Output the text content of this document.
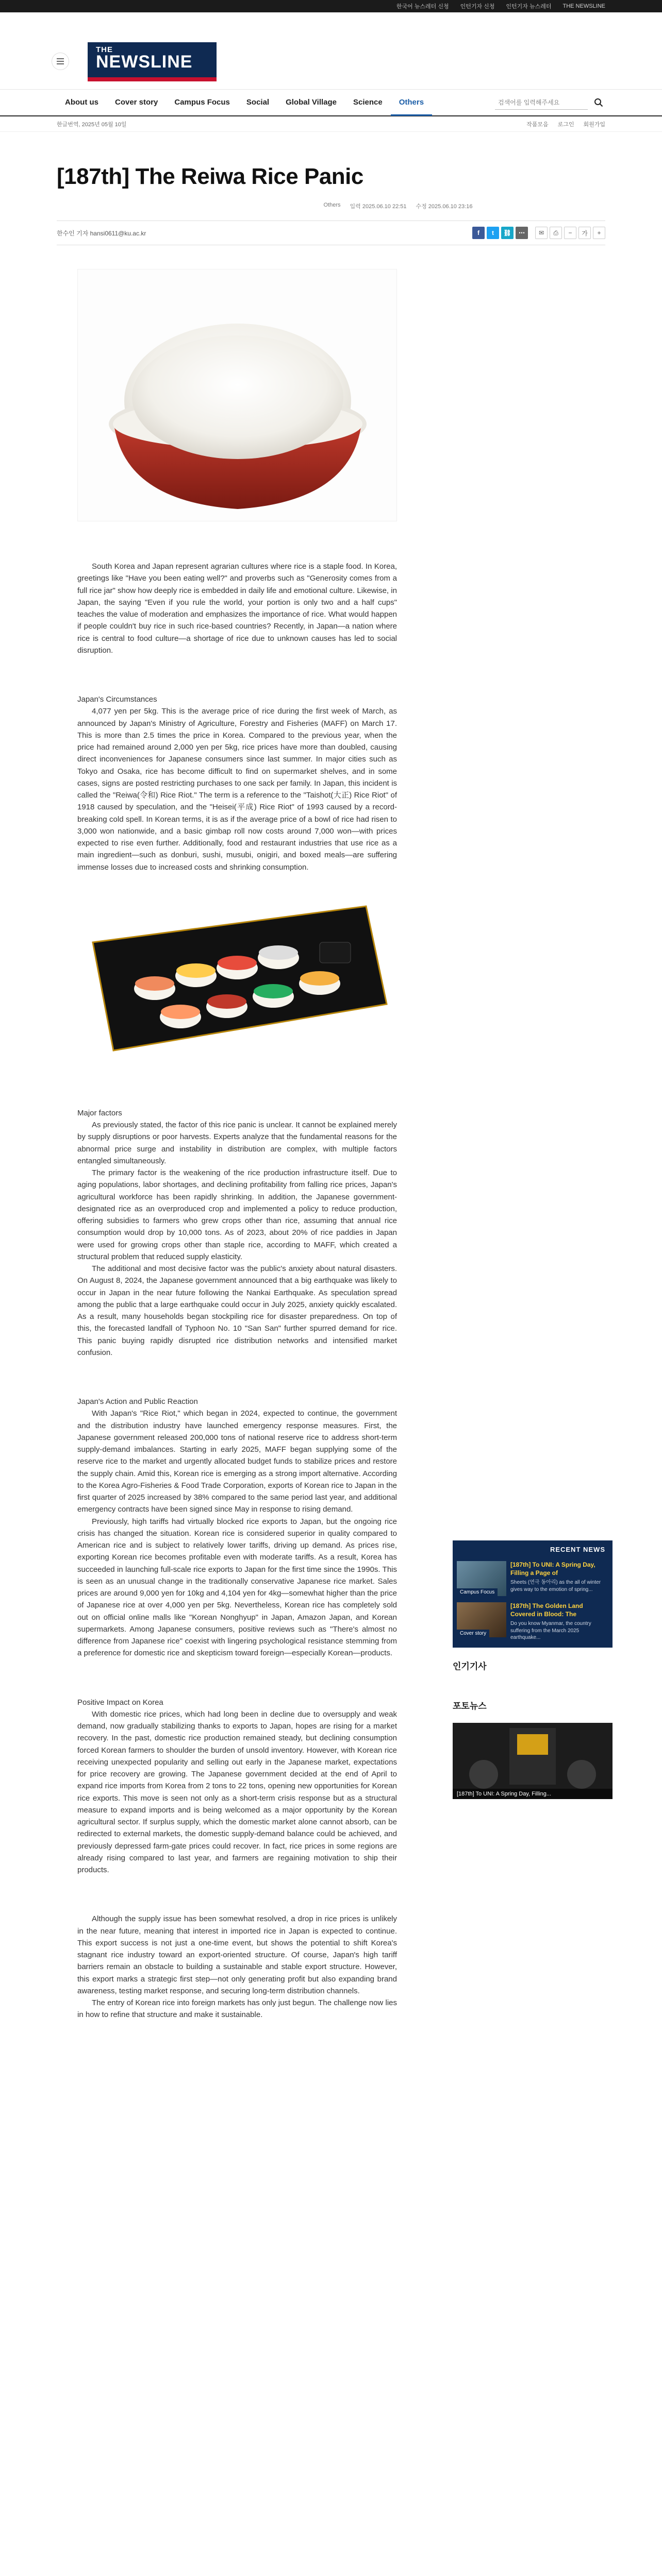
한국어 뉴스레터 신청 인턴기자 신청 인턴기자 뉴스레터 THE NEWSLINE
THE
NEWSLINE
About us	Cover story	Campus Focus	Social	Global Village	Science	Others
검색어를 입력해주세요
한글번역, 2025년 05월 10일	작품모음 로그인 회원가입
[187th] The Reiwa Rice Panic
Others 입력 2025.06.10 22:51 수정 2025.06.10 23:16
한수인 기자 hansi0611@ku.ac.kr	f	t	⛓	⋯	✉	⎙	−	가	+

South Korea and Japan represent agrarian cultures where rice is a staple food. In Korea, greetings like "Have you been eating well?" and proverbs such as "Generosity comes from a full rice jar" show how deeply rice is embedded in daily life and emotional culture. Likewise, in Japan, the saying "Even if you rule the world, your portion is only two and a half cups" teaches the value of moderation and emphasizes the importance of rice. What would happen if people couldn't buy rice in such rice-based countries? Recently, in Japan—a nation where rice is central to food culture—a shortage of rice due to unknown causes has led to social disruption.

Japan's Circumstances

4,077 yen per 5kg. This is the average price of rice during the first week of March, as announced by Japan's Ministry of Agriculture, Forestry and Fisheries (MAFF) on March 17. This is more than 2.5 times the price in Korea. Compared to the previous year, when the price had remained around 2,000 yen per 5kg, rice prices have more than doubled, causing direct inconveniences for Japanese consumers since last summer. In major cities such as Tokyo and Osaka, rice has become difficult to find on supermarket shelves, and in some cases, signs are posted restricting purchases to one sack per family. In Japan, this incident is called the "Reiwa(令和) Rice Riot." The term is a reference to the "Taishot(大正) Rice Riot" of 1918 caused by speculation, and the "Heisei(平成) Rice Riot" of 1993 caused by a record-breaking cold spell. In Korean terms, it is as if the average price of a bowl of rice had risen to 3,000 won nationwide, and a basic gimbap roll now costs around 7,000 won—with prices expected to rise even further. Additionally, food and restaurant industries that use rice as a main ingredient—such as donburi, sushi, musubi, onigiri, and boxed meals—are suffering immense losses due to increased costs and shrinking consumption.

Major factors

As previously stated, the factor of this rice panic is unclear. It cannot be explained merely by supply disruptions or poor harvests. Experts analyze that the fundamental reasons for the abnormal price surge and instability in distribution are complex, with multiple factors entangled simultaneously.

The primary factor is the weakening of the rice production infrastructure itself. Due to aging populations, labor shortages, and declining profitability from falling rice prices, Japan's agricultural workforce has been rapidly shrinking. In addition, the Japanese government-designated rice as an overproduced crop and implemented a policy to reduce production, offering subsidies to farmers who grew crops other than rice, assuming that annual rice consumption would drop by 10,000 tons. As of 2023, about 20% of rice paddies in Japan were used for growing crops other than staple rice, according to MAFF, which created a structural problem that reduced supply elasticity.

The additional and most decisive factor was the public's anxiety about natural disasters. On August 8, 2024, the Japanese government announced that a big earthquake was likely to occur in Japan in the near future following the Nankai Earthquake. As speculation spread among the public that a large earthquake could occur in July 2025, anxiety quickly escalated. As a result, many households began stockpiling rice for disaster preparedness. On top of this, the forecasted landfall of Typhoon No. 10 "San San" further spurred demand for rice. This panic buying rapidly disrupted rice distribution networks and intensified market confusion.

Japan's Action and Public Reaction

With Japan's "Rice Riot," which began in 2024, expected to continue, the government and the distribution industry have launched emergency response measures. First, the Japanese government released 200,000 tons of national reserve rice to address short-term supply-demand imbalances. Starting in early 2025, MAFF began supplying some of the reserve rice to the market and urgently allocated budget funds to stabilize prices and restore the supply chain. Amid this, Korean rice is emerging as a strong import alternative. According to the Korea Agro-Fisheries & Food Trade Corporation, exports of Korean rice to Japan in the first quarter of 2025 increased by 38% compared to the same period last year, and additional emergency contracts have been signed since May in response to rising demand.

Previously, high tariffs had virtually blocked rice exports to Japan, but the ongoing rice crisis has changed the situation. Korean rice is considered superior in quality compared to American rice and is subject to relatively lower tariffs, driving up demand. As prices rise, exporting Korean rice becomes profitable even with moderate tariffs. As a result, Korea has succeeded in launching full-scale rice exports to Japan for the first time since the 1990s. This is seen as an unusual change in the traditionally conservative Japanese rice market. Sales prices are around 9,000 yen for 10kg and 4,104 yen for 4kg—somewhat higher than the price of Japanese rice at over 4,000 yen per 5kg. Nevertheless, Korean rice has completely sold out on official online malls like "Korean Nonghyup" in Japan, Amazon Japan, and Korean supermarkets. Among Japanese consumers, positive reviews such as "There's almost no difference from Japanese rice" coexist with lingering psychological resistance stemming from a preference for domestic rice and skepticism toward foreign—especially Korean—products.

Positive Impact on Korea

With domestic rice prices, which had long been in decline due to oversupply and weak demand, now gradually stabilizing thanks to exports to Japan, hopes are rising for a market recovery. In the past, domestic rice production remained steady, but declining consumption forced Korean farmers to shoulder the burden of unsold inventory. However, with Korean rice receiving unexpected popularity and selling out early in the Japanese market, expectations for price recovery are growing. The Japanese government decided at the end of April to expand rice imports from Korea from 2 tons to 22 tons, opening new opportunities for Korean rice exports. This move is seen not only as a short-term crisis response but as a structural measure to expand imports and is being welcomed as a major opportunity by the Korean agricultural sector. If surplus supply, which the domestic market alone cannot absorb, can be redirected to external markets, the domestic supply-demand balance could be achieved, and previously depressed farm-gate prices could recover. In fact, rice prices in some regions are already rising compared to last year, and farmers are regaining motivation to ship their products.

Although the supply issue has been somewhat resolved, a drop in rice prices is unlikely in the near future, meaning that interest in imported rice in Japan is expected to continue. This export success is not just a one-time event, but shows the potential to shift Korea's stagnant rice industry toward an export-oriented structure. Of course, Japan's high tariff barriers remain an obstacle to building a sustainable and stable export structure. However, this export marks a strategic first step—not only generating profit but also expanding brand awareness, testing market response, and securing long-term distribution channels.

The entry of Korean rice into foreign markets has only just begun. The challenge now lies in how to refine that structure and make it sustainable.

RECENT NEWS
Campus Focus
[187th] To UNI: A Spring Day, Filling a Page of
Sheets (연극 동아리) as the all of winter gives way to the emotion of spring...
Cover story
[187th] The Golden Land Covered in Blood: The
Do you know Myanmar, the country suffering from the March 2025 earthquake...
인기기사
포토뉴스
[187th] To UNI: A Spring Day, Filling...
